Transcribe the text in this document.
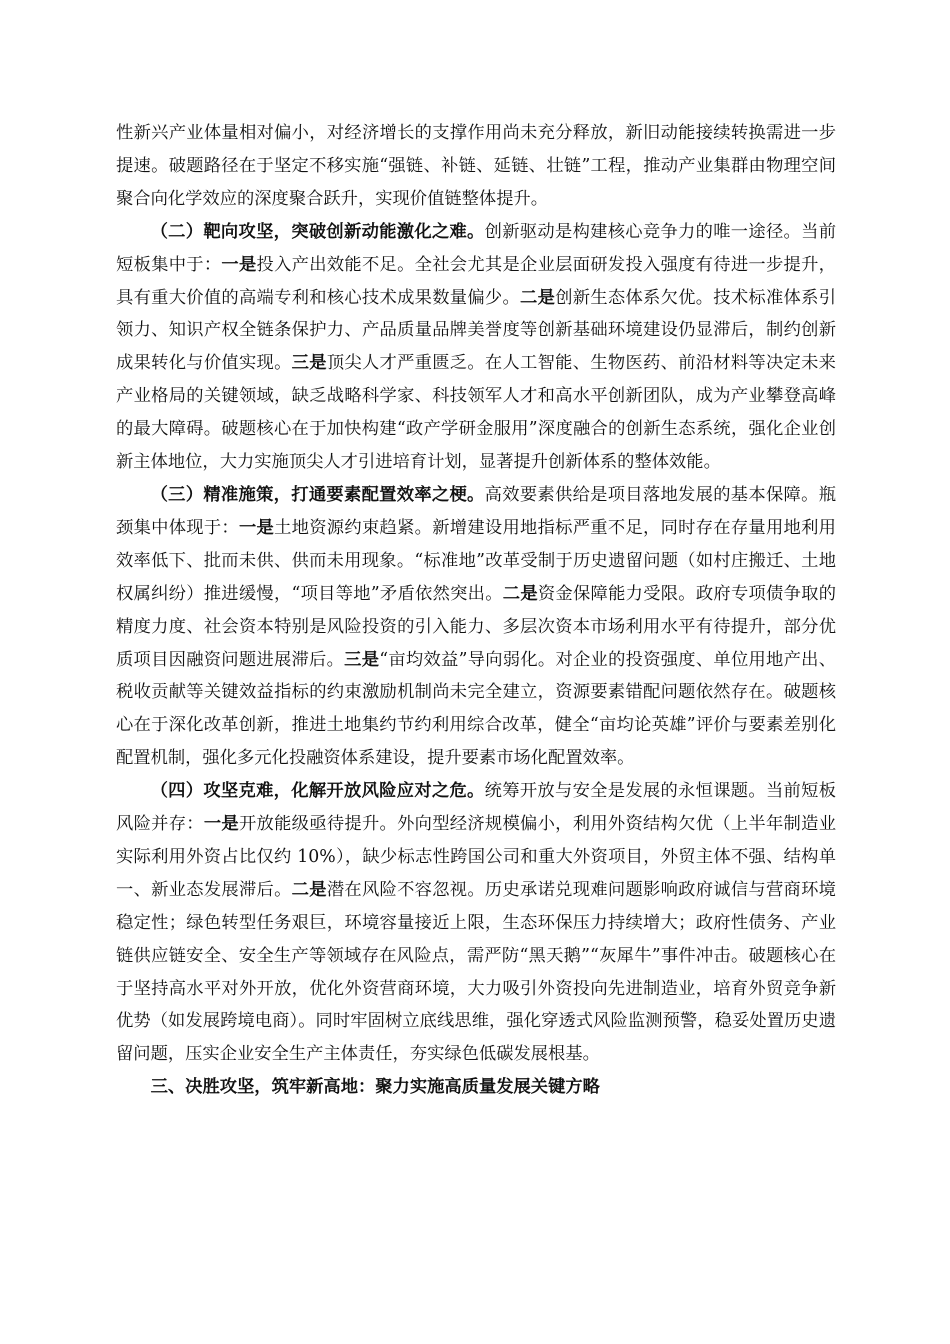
性新兴产业体量相对偏小，对经济增长的支撑作用尚未充分释放，新旧动能接续转换需进一步提速。破题路径在于坚定不移实施“强链、补链、延链、壮链”工程，推动产业集群由物理空间聚合向化学效应的深度聚合跃升，实现价值链整体提升。

（二）靶向攻坚，突破创新动能激化之难。创新驱动是构建核心竞争力的唯一途径。当前短板集中于：一是投入产出效能不足。全社会尤其是企业层面研发投入强度有待进一步提升，具有重大价值的高端专利和核心技术成果数量偏少。二是创新生态体系欠优。技术标准体系引领力、知识产权全链条保护力、产品质量品牌美誉度等创新基础环境建设仍显滞后，制约创新成果转化与价值实现。三是顶尖人才严重匮乏。在人工智能、生物医药、前沿材料等决定未来产业格局的关键领域，缺乏战略科学家、科技领军人才和高水平创新团队，成为产业攀登高峰的最大障碍。破题核心在于加快构建“政产学研金服用”深度融合的创新生态系统，强化企业创新主体地位，大力实施顶尖人才引进培育计划，显著提升创新体系的整体效能。

（三）精准施策，打通要素配置效率之梗。高效要素供给是项目落地发展的基本保障。瓶颈集中体现于：一是土地资源约束趋紧。新增建设用地指标严重不足，同时存在存量用地利用效率低下、批而未供、供而未用现象。“标准地”改革受制于历史遗留问题（如村庄搬迁、土地权属纠纷）推进缓慢，“项目等地”矛盾依然突出。二是资金保障能力受限。政府专项债争取的精度力度、社会资本特别是风险投资的引入能力、多层次资本市场利用水平有待提升，部分优质项目因融资问题进展滞后。三是“亩均效益”导向弱化。对企业的投资强度、单位用地产出、税收贡献等关键效益指标的约束激励机制尚未完全建立，资源要素错配问题依然存在。破题核心在于深化改革创新，推进土地集约节约利用综合改革，健全“亩均论英雄”评价与要素差别化配置机制，强化多元化投融资体系建设，提升要素市场化配置效率。

（四）攻坚克难，化解开放风险应对之危。统筹开放与安全是发展的永恒课题。当前短板风险并存：一是开放能级亟待提升。外向型经济规模偏小，利用外资结构欠优（上半年制造业实际利用外资占比仅约 10%），缺少标志性跨国公司和重大外资项目，外贸主体不强、结构单一、新业态发展滞后。二是潜在风险不容忽视。历史承诺兑现难问题影响政府诚信与营商环境稳定性；绿色转型任务艰巨，环境容量接近上限，生态环保压力持续增大；政府性债务、产业链供应链安全、安全生产等领域存在风险点，需严防“黑天鹅”“灰犀牛”事件冲击。破题核心在于坚持高水平对外开放，优化外资营商环境，大力吸引外资投向先进制造业，培育外贸竞争新优势（如发展跨境电商）。同时牢固树立底线思维，强化穿透式风险监测预警，稳妥处置历史遗留问题，压实企业安全生产主体责任，夯实绿色低碳发展根基。

三、决胜攻坚，筑牢新高地：聚力实施高质量发展关键方略
